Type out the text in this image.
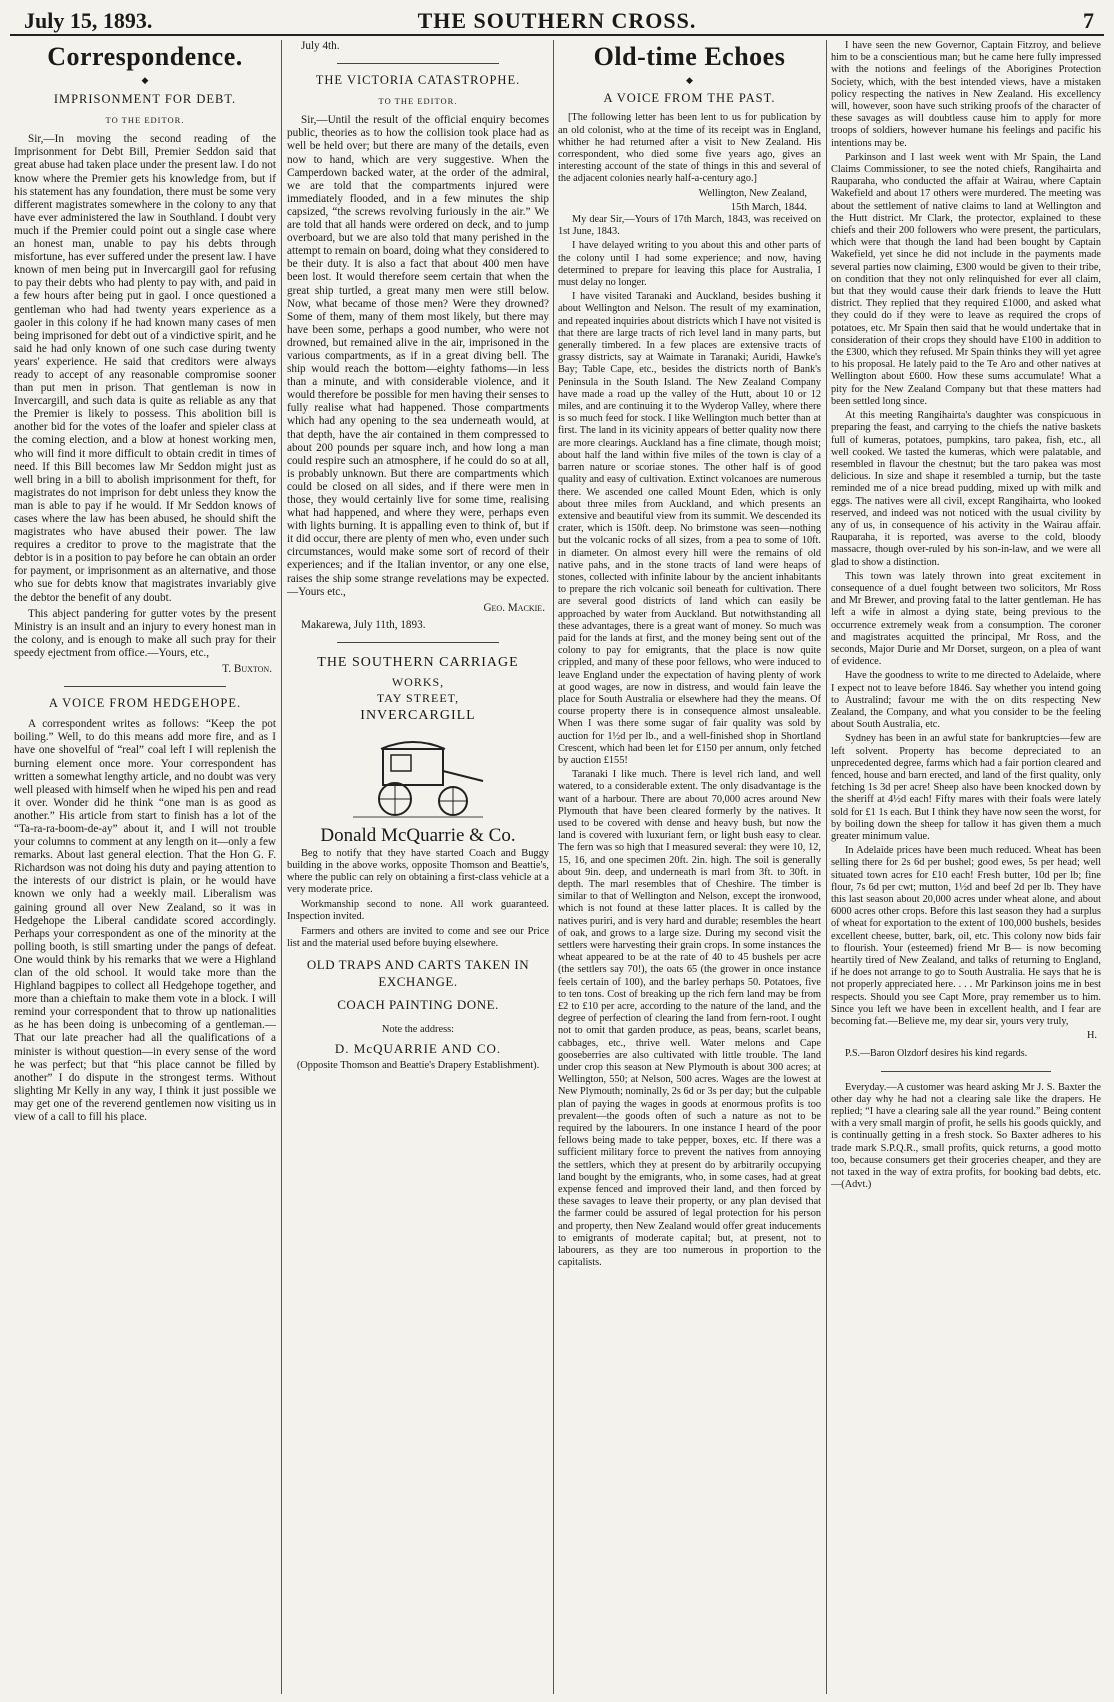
July 15, 1893.	THE SOUTHERN CROSS.	7
Correspondence.
◆
IMPRISONMENT FOR DEBT.
TO THE EDITOR.

Sir,—In moving the second reading of the Imprisonment for Debt Bill, Premier Seddon said that great abuse had taken place under the present law. I do not know where the Premier gets his knowledge from, but if his statement has any foundation, there must be some very different magistrates somewhere in the colony to any that have ever administered the law in Southland. I doubt very much if the Premier could point out a single case where an honest man, unable to pay his debts through misfortune, has ever suffered under the present law. I have known of men being put in Invercargill gaol for refusing to pay their debts who had plenty to pay with, and paid in a few hours after being put in gaol. I once questioned a gentleman who had had twenty years experience as a gaoler in this colony if he had known many cases of men being imprisoned for debt out of a vindictive spirit, and he said he had only known of one such case during twenty years' experience. He said that creditors were always ready to accept of any reasonable compromise sooner than put men in prison. That gentleman is now in Invercargill, and such data is quite as reliable as any that the Premier is likely to possess. This abolition bill is another bid for the votes of the loafer and spieler class at the coming election, and a blow at honest working men, who will find it more difficult to obtain credit in times of need. If this Bill becomes law Mr Seddon might just as well bring in a bill to abolish imprisonment for theft, for magistrates do not imprison for debt unless they know the man is able to pay if he would. If Mr Seddon knows of cases where the law has been abused, he should shift the magistrates who have abused their power. The law requires a creditor to prove to the magistrate that the debtor is in a position to pay before he can obtain an order for payment, or imprisonment as an alternative, and those who sue for debts know that magistrates invariably give the debtor the benefit of any doubt.

This abject pandering for gutter votes by the present Ministry is an insult and an injury to every honest man in the colony, and is enough to make all such pray for their speedy ejectment from office.—Yours, etc.,

T. Buxton.
A VOICE FROM HEDGEHOPE.

A correspondent writes as follows: “Keep the pot boiling.” Well, to do this means add more fire, and as I have one shovelful of “real” coal left I will replenish the burning element once more. Your correspondent has written a somewhat lengthy article, and no doubt was very well pleased with himself when he wiped his pen and read it over. Wonder did he think “one man is as good as another.” His article from start to finish has a lot of the “Ta-ra-ra-boom-de-ay” about it, and I will not trouble your columns to comment at any length on it—only a few remarks. About last general election. That the Hon G. F. Richardson was not doing his duty and paying attention to the interests of our district is plain, or he would have known we only had a weekly mail. Liberalism was gaining ground all over New Zealand, so it was in Hedgehope the Liberal candidate scored accordingly. Perhaps your correspondent as one of the minority at the polling booth, is still smarting under the pangs of defeat. One would think by his remarks that we were a Highland clan of the old school. It would take more than the Highland bagpipes to collect all Hedgehope together, and more than a chieftain to make them vote in a block. I will remind your correspondent that to throw up nationalities as he has been doing is unbecoming of a gentleman.—That our late preacher had all the qualifications of a minister is without question—in every sense of the word he was perfect; but that “his place cannot be filled by another” I do dispute in the strongest terms. Without slighting Mr Kelly in any way, I think it just possible we may get one of the reverend gentlemen now visiting us in view of a call to fill his place.

July 4th.
THE VICTORIA CATASTROPHE.
TO THE EDITOR.

Sir,—Until the result of the official enquiry becomes public, theories as to how the collision took place had as well be held over; but there are many of the details, even now to hand, which are very suggestive. When the Camperdown backed water, at the order of the admiral, we are told that the compartments injured were immediately flooded, and in a few minutes the ship capsized, “the screws revolving furiously in the air.” We are told that all hands were ordered on deck, and to jump overboard, but we are also told that many perished in the attempt to remain on board, doing what they considered to be their duty. It is also a fact that about 400 men have been lost. It would therefore seem certain that when the great ship turtled, a great many men were still below. Now, what became of those men? Were they drowned? Some of them, many of them most likely, but there may have been some, perhaps a good number, who were not drowned, but remained alive in the air, imprisoned in the various compartments, as if in a great diving bell. The ship would reach the bottom—eighty fathoms—in less than a minute, and with considerable violence, and it would therefore be possible for men having their senses to fully realise what had happened. Those compartments which had any opening to the sea underneath would, at that depth, have the air contained in them compressed to about 200 pounds per square inch, and how long a man could respire such an atmosphere, if he could do so at all, is probably unknown. But there are compartments which could be closed on all sides, and if there were men in those, they would certainly live for some time, realising what had happened, and where they were, perhaps even with lights burning. It is appalling even to think of, but if it did occur, there are plenty of men who, even under such circumstances, would make some sort of record of their experiences; and if the Italian inventor, or any one else, raises the ship some strange revelations may be expected.—Yours etc.,

Geo. Mackie.
Makarewa, July 11th, 1893.
THE SOUTHERN CARRIAGE
WORKS,
TAY STREET,
INVERCARGILL
Donald McQuarrie & Co.

Beg to notify that they have started Coach and Buggy building in the above works, opposite Thomson and Beattie's, where the public can rely on obtaining a first-class vehicle at a very moderate price.

Workmanship second to none. All work guaranteed. Inspection invited.

Farmers and others are invited to come and see our Price list and the material used before buying elsewhere.

OLD TRAPS AND CARTS TAKEN IN EXCHANGE.
COACH PAINTING DONE.
Note the address:
D. McQUARRIE AND CO.
(Opposite Thomson and Beattie's Drapery Establishment).
Old-time Echoes
◆
A VOICE FROM THE PAST.

[The following letter has been lent to us for publication by an old colonist, who at the time of its receipt was in England, whither he had returned after a visit to New Zealand. His correspondent, who died some five years ago, gives an interesting account of the state of things in this and several of the adjacent colonies nearly half-a-century ago.]

Wellington, New Zealand,
15th March, 1844.

My dear Sir,—Yours of 17th March, 1843, was received on 1st June, 1843.

I have delayed writing to you about this and other parts of the colony until I had some experience; and now, having determined to prepare for leaving this place for Australia, I must delay no longer.

I have visited Taranaki and Auckland, besides bushing it about Wellington and Nelson. The result of my examination, and repeated inquiries about districts which I have not visited is that there are large tracts of rich level land in many parts, but generally timbered. In a few places are extensive tracts of grassy districts, say at Waimate in Taranaki; Auridi, Hawke's Bay; Table Cape, etc., besides the districts north of Bank's Peninsula in the South Island. The New Zealand Company have made a road up the valley of the Hutt, about 10 or 12 miles, and are continuing it to the Wyderop Valley, where there is so much feed for stock. I like Wellington much better than at first. The land in its vicinity appears of better quality now there are more clearings. Auckland has a fine climate, though moist; about half the land within five miles of the town is clay of a barren nature or scoriae stones. The other half is of good quality and easy of cultivation. Extinct volcanoes are numerous there. We ascended one called Mount Eden, which is only about three miles from Auckland, and which presents an extensive and beautiful view from its summit. We descended its crater, which is 150ft. deep. No brimstone was seen—nothing but the volcanic rocks of all sizes, from a pea to some of 10ft. in diameter. On almost every hill were the remains of old native pahs, and in the stone tracts of land were heaps of stones, collected with infinite labour by the ancient inhabitants to prepare the rich volcanic soil beneath for cultivation. There are several good districts of land which can easily be approached by water from Auckland. But notwithstanding all these advantages, there is a great want of money. So much was paid for the lands at first, and the money being sent out of the colony to pay for emigrants, that the place is now quite crippled, and many of these poor fellows, who were induced to leave England under the expectation of having plenty of work at good wages, are now in distress, and would fain leave the place for South Australia or elsewhere had they the means. Of course property there is in consequence almost unsaleable. When I was there some sugar of fair quality was sold by auction for 1½d per lb., and a well-finished shop in Shortland Crescent, which had been let for £150 per annum, only fetched by auction £155!

Taranaki I like much. There is level rich land, and well watered, to a considerable extent. The only disadvantage is the want of a harbour. There are about 70,000 acres around New Plymouth that have been cleared formerly by the natives. It used to be covered with dense and heavy bush, but now the land is covered with luxuriant fern, or light bush easy to clear. The fern was so high that I measured several: they were 10, 12, 15, 16, and one specimen 20ft. 2in. high. The soil is generally about 9in. deep, and underneath is marl from 3ft. to 30ft. in depth. The marl resembles that of Cheshire. The timber is similar to that of Wellington and Nelson, except the ironwood, which is not found at these latter places. It is called by the natives puriri, and is very hard and durable; resembles the heart of oak, and grows to a large size. During my second visit the settlers were harvesting their grain crops. In some instances the wheat appeared to be at the rate of 40 to 45 bushels per acre (the settlers say 70!), the oats 65 (the grower in once instance feels certain of 100), and the barley perhaps 50. Potatoes, five to ten tons. Cost of breaking up the rich fern land may be from £2 to £10 per acre, according to the nature of the land, and the degree of perfection of clearing the land from fern-root. I ought not to omit that garden produce, as peas, beans, scarlet beans, cabbages, etc., thrive well. Water melons and Cape gooseberries are also cultivated with little trouble. The land under crop this season at New Plymouth is about 300 acres; at Wellington, 550; at Nelson, 500 acres. Wages are the lowest at New Plymouth; nominally, 2s 6d or 3s per day; but the culpable plan of paying the wages in goods at enormous profits is too prevalent—the goods often of such a nature as not to be required by the labourers. In one instance I heard of the poor fellows being made to take pepper, boxes, etc. If there was a sufficient military force to prevent the natives from annoying the settlers, which they at present do by arbitrarily occupying land bought by the emigrants, who, in some cases, had at great expense fenced and improved their land, and then forced by these savages to leave their property, or any plan devised that the farmer could be assured of legal protection for his person and property, then New Zealand would offer great inducements to emigrants of moderate capital; but, at present, not to labourers, as they are too numerous in proportion to the capitalists.

I have seen the new Governor, Captain Fitzroy, and believe him to be a conscientious man; but he came here fully impressed with the notions and feelings of the Aborigines Protection Society, which, with the best intended views, have a mistaken policy respecting the natives in New Zealand. His excellency will, however, soon have such striking proofs of the character of these savages as will doubtless cause him to apply for more troops of soldiers, however humane his feelings and pacific his intentions may be.

Parkinson and I last week went with Mr Spain, the Land Claims Commissioner, to see the noted chiefs, Rangihairta and Rauparaha, who conducted the affair at Wairau, where Captain Wakefield and about 17 others were murdered. The meeting was about the settlement of native claims to land at Wellington and the Hutt district. Mr Clark, the protector, explained to these chiefs and their 200 followers who were present, the particulars, which were that though the land had been bought by Captain Wakefield, yet since he did not include in the payments made several parties now claiming, £300 would be given to their tribe, on condition that they not only relinquished for ever all claim, but that they would cause their dark friends to leave the Hutt district. They replied that they required £1000, and asked what they could do if they were to leave as required the crops of potatoes, etc. Mr Spain then said that he would undertake that in consideration of their crops they should have £100 in addition to the £300, which they refused. Mr Spain thinks they will yet agree to his proposal. He lately paid to the Te Aro and other natives at Wellington about £600. How these sums accumulate! What a pity for the New Zealand Company but that these matters had been settled long since.

At this meeting Rangihairta's daughter was conspicuous in preparing the feast, and carrying to the chiefs the native baskets full of kumeras, potatoes, pumpkins, taro pakea, fish, etc., all well cooked. We tasted the kumeras, which were palatable, and resembled in flavour the chestnut; but the taro pakea was most delicious. In size and shape it resembled a turnip, but the taste reminded me of a nice bread pudding, mixed up with milk and eggs. The natives were all civil, except Rangihairta, who looked reserved, and indeed was not noticed with the usual civility by any of us, in consequence of his activity in the Wairau affair. Rauparaha, it is reported, was averse to the cold, bloody massacre, though over-ruled by his son-in-law, and we were all glad to show a distinction.

This town was lately thrown into great excitement in consequence of a duel fought between two solicitors, Mr Ross and Mr Brewer, and proving fatal to the latter gentleman. He has left a wife in almost a dying state, being previous to the occurrence extremely weak from a consumption. The coroner and magistrates acquitted the principal, Mr Ross, and the seconds, Major Durie and Mr Dorset, surgeon, on a plea of want of evidence.

Have the goodness to write to me directed to Adelaide, where I expect not to leave before 1846. Say whether you intend going to Australind; favour me with the on dits respecting New Zealand, the Company, and what you consider to be the feeling about South Australia, etc.

Sydney has been in an awful state for bankruptcies—few are left solvent. Property has become depreciated to an unprecedented degree, farms which had a fair portion cleared and fenced, house and barn erected, and land of the first quality, only fetching 1s 3d per acre! Sheep also have been knocked down by the sheriff at 4½d each! Fifty mares with their foals were lately sold for £1 1s each. But I think they have now seen the worst, for by boiling down the sheep for tallow it has given them a much greater minimum value.

In Adelaide prices have been much reduced. Wheat has been selling there for 2s 6d per bushel; good ewes, 5s per head; well situated town acres for £10 each! Fresh butter, 10d per lb; fine flour, 7s 6d per cwt; mutton, 1½d and beef 2d per lb. They have this last season about 20,000 acres under wheat alone, and about 6000 acres other crops. Before this last season they had a surplus of wheat for exportation to the extent of 100,000 bushels, besides excellent cheese, butter, bark, oil, etc. This colony now bids fair to flourish. Your (esteemed) friend Mr B— is now becoming heartily tired of New Zealand, and talks of returning to England, if he does not arrange to go to South Australia. He says that he is not properly appreciated here. . . . Mr Parkinson joins me in best respects. Should you see Capt More, pray remember us to him. Since you left we have been in excellent health, and I fear are becoming fat.—Believe me, my dear sir, yours very truly,

H.

P.S.—Baron Olzdorf desires his kind regards.

Everyday.—A customer was heard asking Mr J. S. Baxter the other day why he had not a clearing sale like the drapers. He replied; “I have a clearing sale all the year round.” Being content with a very small margin of profit, he sells his goods quickly, and is continually getting in a fresh stock. So Baxter adheres to his trade mark S.P.Q.R., small profits, quick returns, a good motto too, because consumers get their groceries cheaper, and they are not taxed in the way of extra profits, for booking bad debts, etc.—(Advt.)
